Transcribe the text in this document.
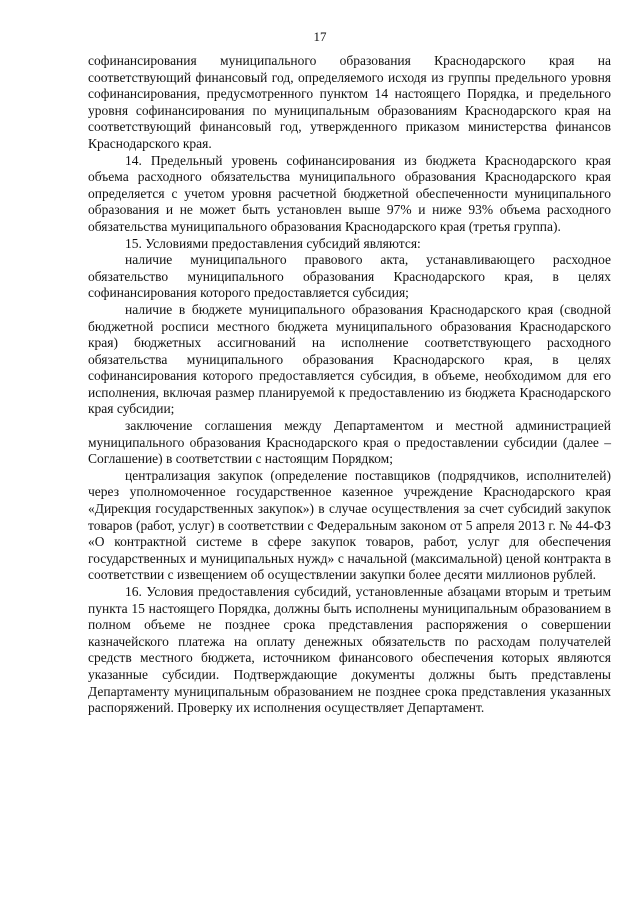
17

софинансирования муниципального образования Краснодарского края на соответствующий финансовый год, определяемого исходя из группы предельного уровня софинансирования, предусмотренного пунктом 14 настоящего Порядка, и предельного уровня софинансирования по муниципальным образованиям Краснодарского края на соответствующий финансовый год, утвержденного приказом министерства финансов Краснодарского края.

14. Предельный уровень софинансирования из бюджета Краснодарского края объема расходного обязательства муниципального образования Краснодарского края определяется с учетом уровня расчетной бюджетной обеспеченности муниципального образования и не может быть установлен выше 97% и ниже 93% объема расходного обязательства муниципального образования Краснодарского края (третья группа).

15. Условиями предоставления субсидий являются:

наличие муниципального правового акта, устанавливающего расходное обязательство муниципального образования Краснодарского края, в целях софинансирования которого предоставляется субсидия;

наличие в бюджете муниципального образования Краснодарского края (сводной бюджетной росписи местного бюджета муниципального образования Краснодарского края) бюджетных ассигнований на исполнение соответствующего расходного обязательства муниципального образования Краснодарского края, в целях софинансирования которого предоставляется субсидия, в объеме, необходимом для его исполнения, включая размер планируемой к предоставлению из бюджета Краснодарского края субсидии;

заключение соглашения между Департаментом и местной администрацией муниципального образования Краснодарского края о предоставлении субсидии (далее – Соглашение) в соответствии с настоящим Порядком;

централизация закупок (определение поставщиков (подрядчиков, исполнителей) через уполномоченное государственное казенное учреждение Краснодарского края «Дирекция государственных закупок») в случае осуществления за счет субсидий закупок товаров (работ, услуг) в соответствии с Федеральным законом от 5 апреля 2013 г. № 44-ФЗ «О контрактной системе в сфере закупок товаров, работ, услуг для обеспечения государственных и муниципальных нужд» с начальной (максимальной) ценой контракта в соответствии с извещением об осуществлении закупки более десяти миллионов рублей.

16. Условия предоставления субсидий, установленные абзацами вторым и третьим пункта 15 настоящего Порядка, должны быть исполнены муниципальным образованием в полном объеме не позднее срока представления распоряжения о совершении казначейского платежа на оплату денежных обязательств по расходам получателей средств местного бюджета, источником финансового обеспечения которых являются указанные субсидии. Подтверждающие документы должны быть представлены Департаменту муниципальным образованием не позднее срока представления указанных распоряжений. Проверку их исполнения осуществляет Департамент.
